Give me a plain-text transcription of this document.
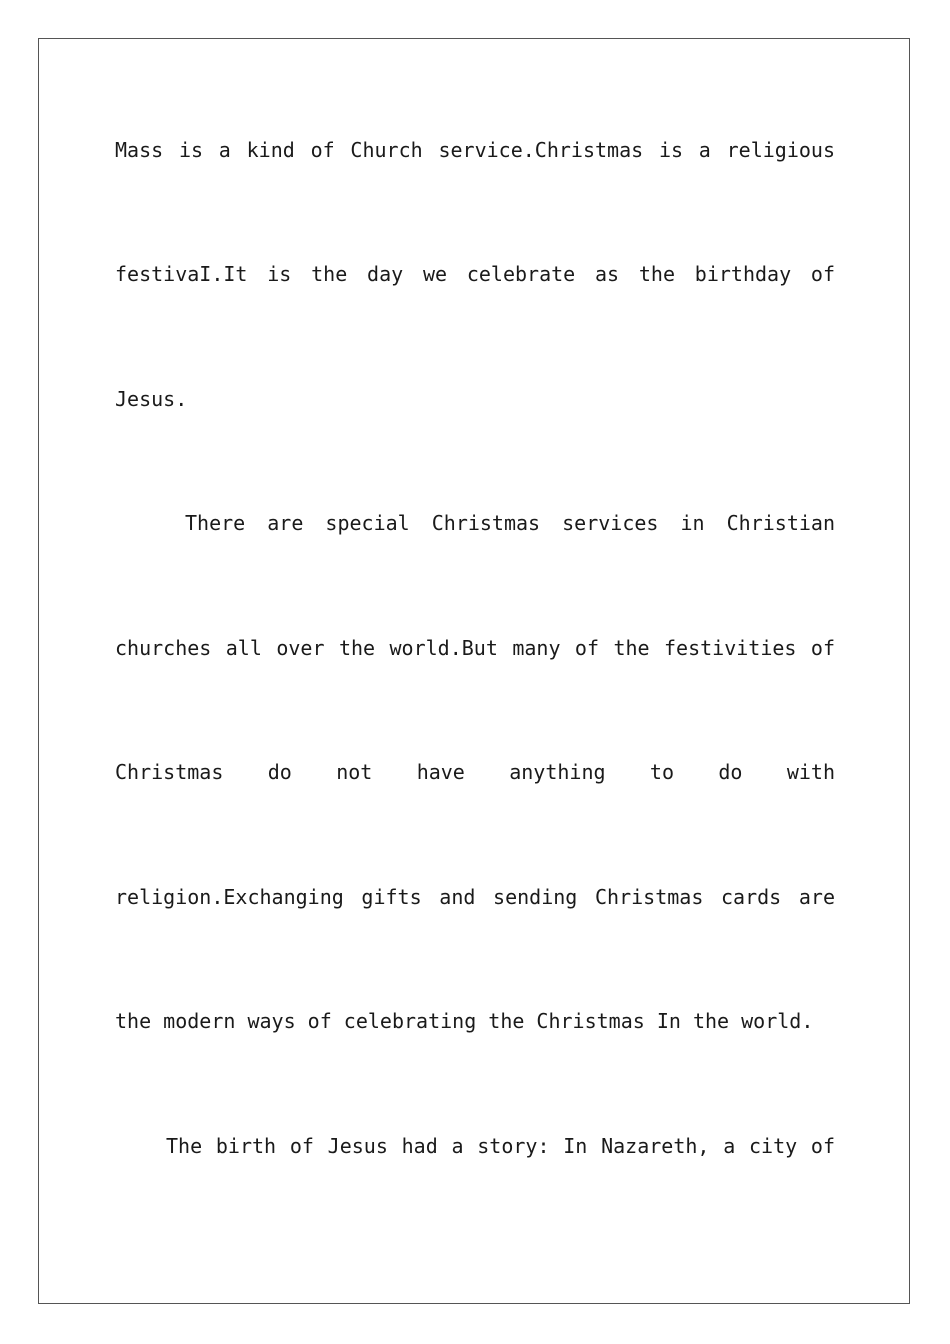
Mass is a kind of Church service.Christmas is a religious
festivaI.It is the day we celebrate as the birthday of
Jesus.
There are special Christmas services in Christian
churches all over the world.But many of the festivities of
Christmas do not have anything to do with
religion.Exchanging gifts and sending Christmas cards are
the modern ways of celebrating the Christmas In the world.
The birth of Jesus had a story: In Nazareth, a city of
